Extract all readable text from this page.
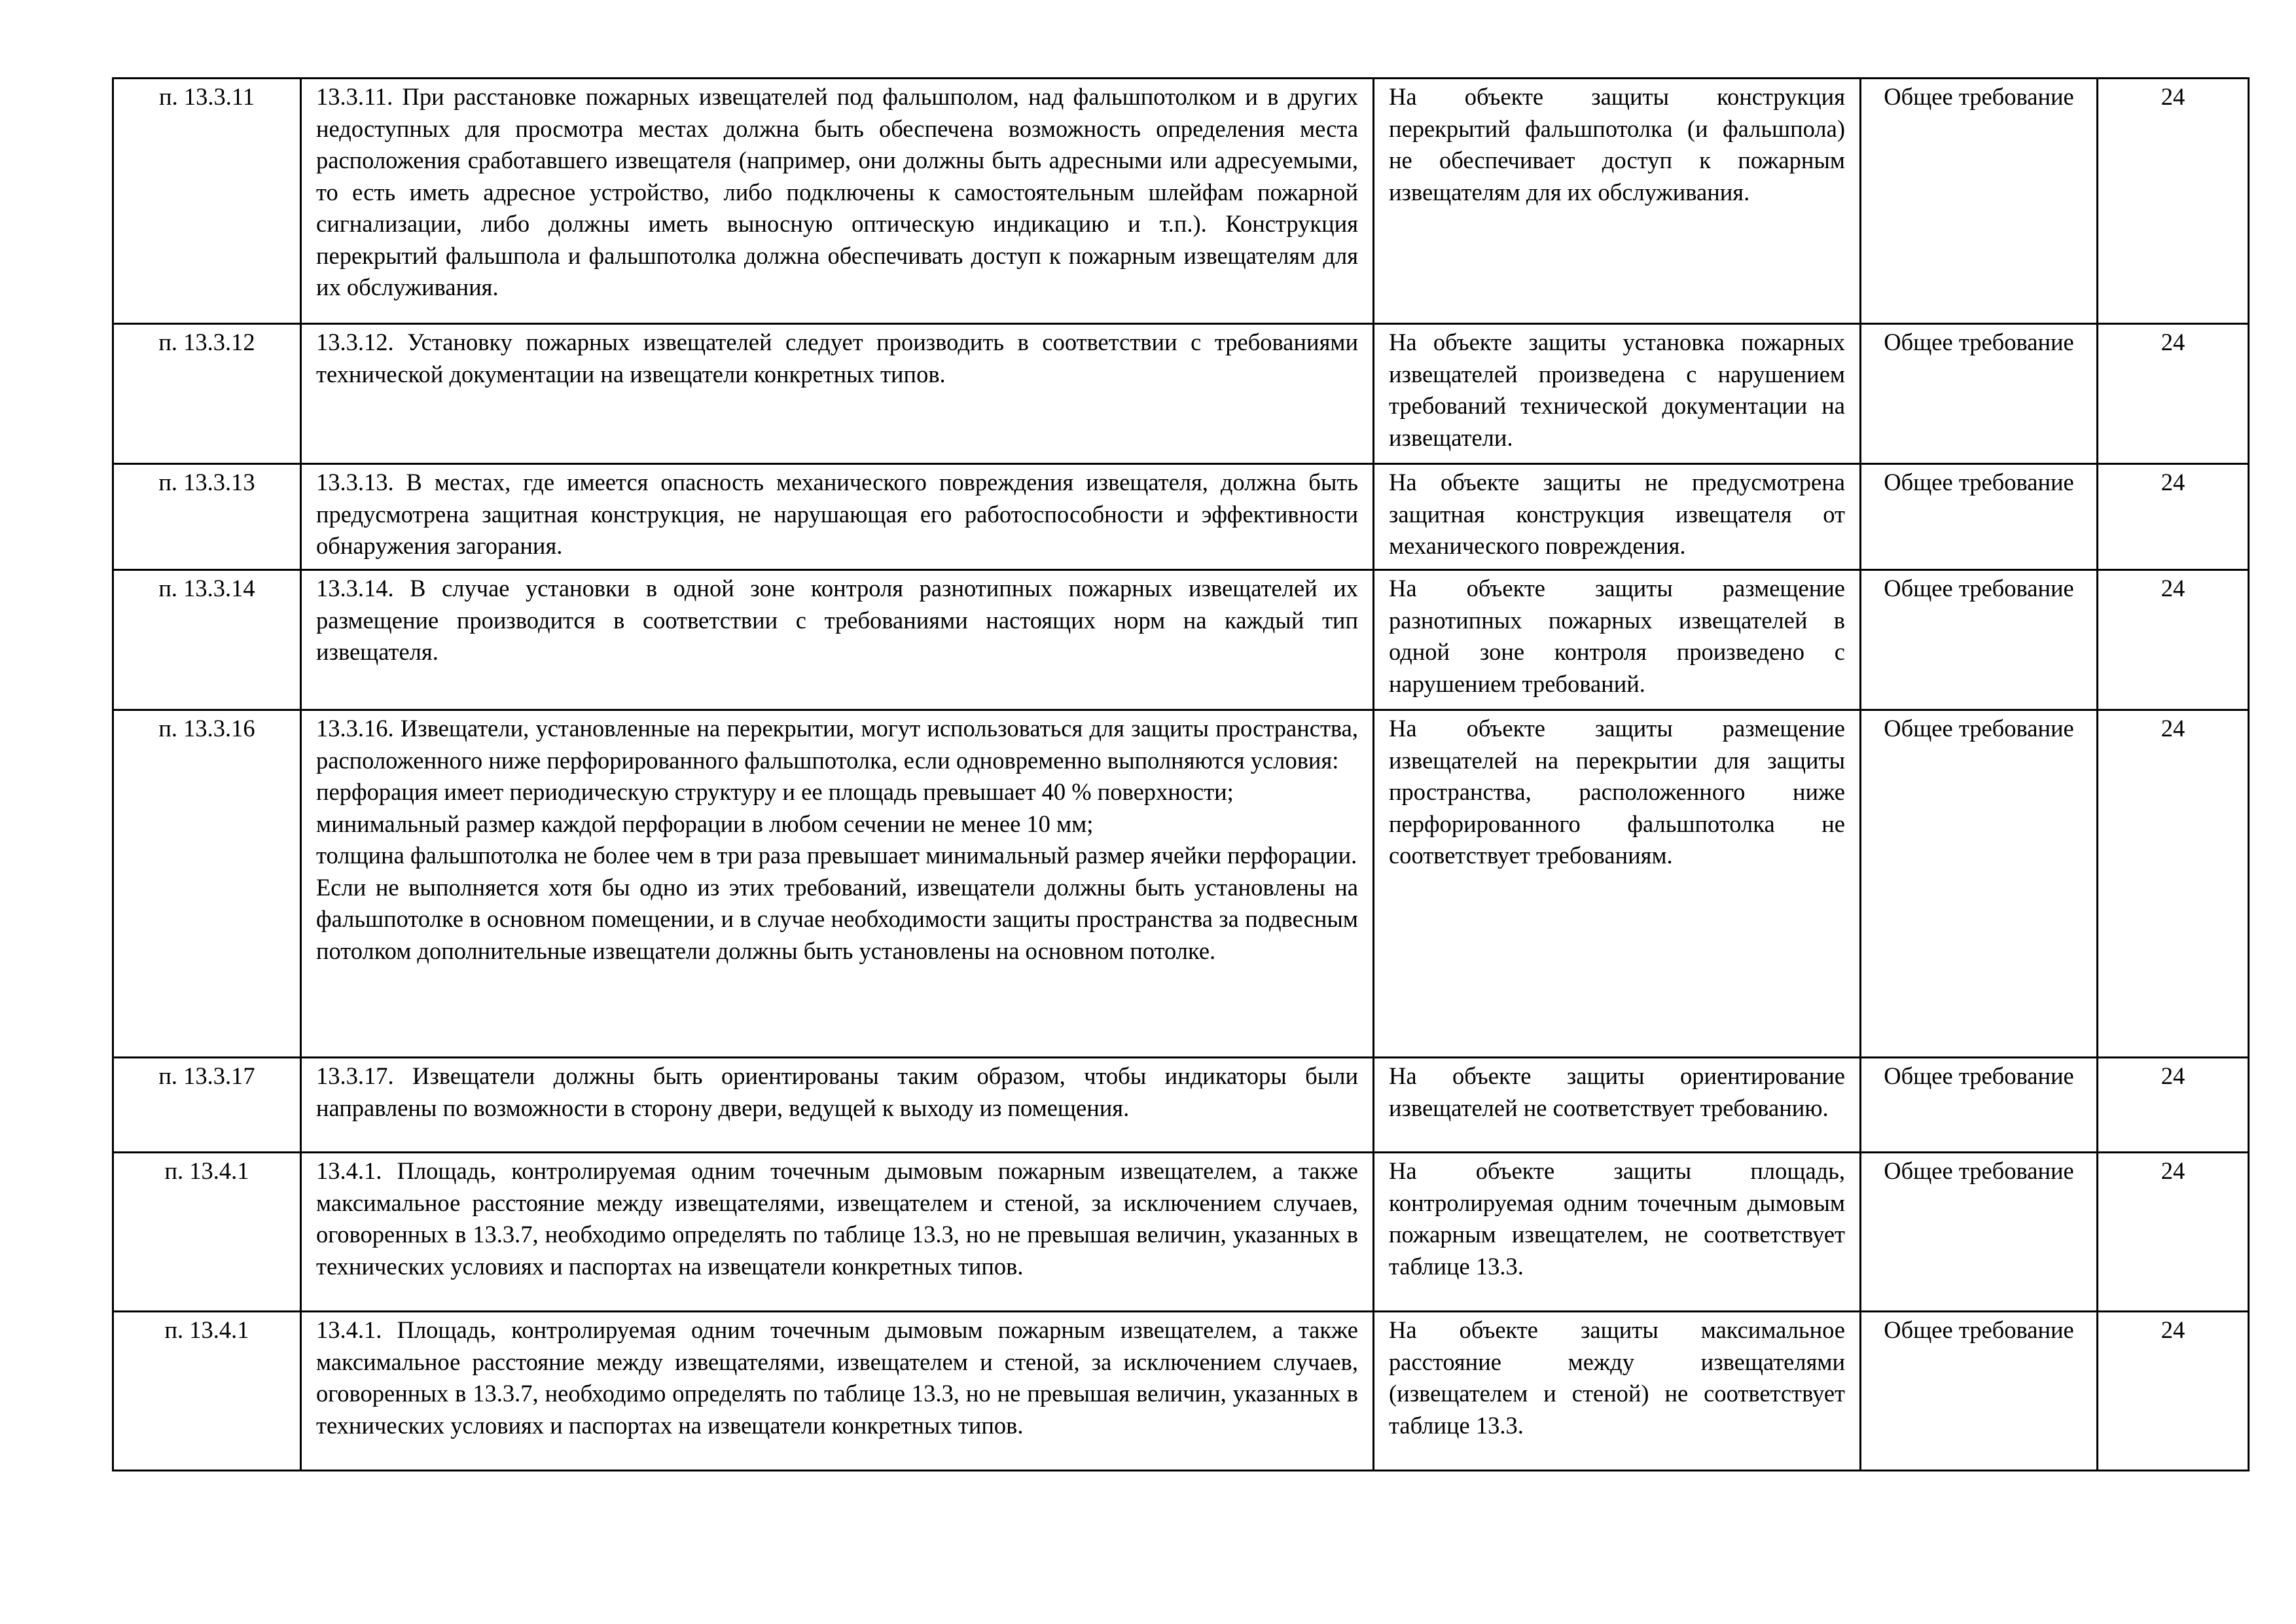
п. 13.3.11	13.3.11. При расстановке пожарных извещателей под фальшполом, над фальшпотолком и в других недоступных для просмотра местах должна быть обеспечена возможность определения места расположения сработавшего извещателя (например, они должны быть адресными или адресуемыми, то есть иметь адресное устройство, либо подключены к самостоятельным шлейфам пожарной сигнализации, либо должны иметь выносную оптическую индикацию и т.п.). Конструкция перекрытий фальшпола и фальшпотолка должна обеспечивать доступ к пожарным извещателям для их обслуживания.	На объекте защиты конструкция перекрытий фальшпотолка (и фальшпола) не обеспечивает доступ к пожарным извещателям для их обслуживания.	Общее требование	24
п. 13.3.12	13.3.12. Установку пожарных извещателей следует производить в соответствии с требованиями технической документации на извещатели конкретных типов.	На объекте защиты установка пожарных извещателей произведена с нарушением требований технической документации на извещатели.	Общее требование	24
п. 13.3.13	13.3.13. В местах, где имеется опасность механического повреждения извещателя, должна быть предусмотрена защитная конструкция, не нарушающая его работоспособности и эффективности обнаружения загорания.	На объекте защиты не предусмотрена защитная конструкция извещателя от механического повреждения.	Общее требование	24
п. 13.3.14	13.3.14. В случае установки в одной зоне контроля разнотипных пожарных извещателей их размещение производится в соответствии с требованиями настоящих норм на каждый тип извещателя.	На объекте защиты размещение разнотипных пожарных извещателей в одной зоне контроля произведено с нарушением требований.	Общее требование	24
п. 13.3.16	13.3.16. Извещатели, установленные на перекрытии, могут использоваться для защиты пространства, расположенного ниже перфорированного фальшпотолка, если одновременно выполняются условия:
перфорация имеет периодическую структуру и ее площадь превышает 40 % поверхности;
минимальный размер каждой перфорации в любом сечении не менее 10 мм;
толщина фальшпотолка не более чем в три раза превышает минимальный размер ячейки перфорации.
Если не выполняется хотя бы одно из этих требований, извещатели должны быть установлены на фальшпотолке в основном помещении, и в случае необходимости защиты пространства за подвесным потолком дополнительные извещатели должны быть установлены на основном потолке.	На объекте защиты размещение извещателей на перекрытии для защиты пространства, расположенного ниже перфорированного фальшпотолка не соответствует требованиям.	Общее требование	24
п. 13.3.17	13.3.17. Извещатели должны быть ориентированы таким образом, чтобы индикаторы были направлены по возможности в сторону двери, ведущей к выходу из помещения.	На объекте защиты ориентирование извещателей не соответствует требованию.	Общее требование	24
п. 13.4.1	13.4.1. Площадь, контролируемая одним точечным дымовым пожарным извещателем, а также максимальное расстояние между извещателями, извещателем и стеной, за исключением случаев, оговоренных в 13.3.7, необходимо определять по таблице 13.3, но не превышая величин, указанных в технических условиях и паспортах на извещатели конкретных типов.	На объекте защиты площадь, контролируемая одним точечным дымовым пожарным извещателем, не соответствует таблице 13.3.	Общее требование	24
п. 13.4.1	13.4.1. Площадь, контролируемая одним точечным дымовым пожарным извещателем, а также максимальное расстояние между извещателями, извещателем и стеной, за исключением случаев, оговоренных в 13.3.7, необходимо определять по таблице 13.3, но не превышая величин, указанных в технических условиях и паспортах на извещатели конкретных типов.	На объекте защиты максимальное расстояние между извещателями (извещателем и стеной) не соответствует таблице 13.3.	Общее требование	24
